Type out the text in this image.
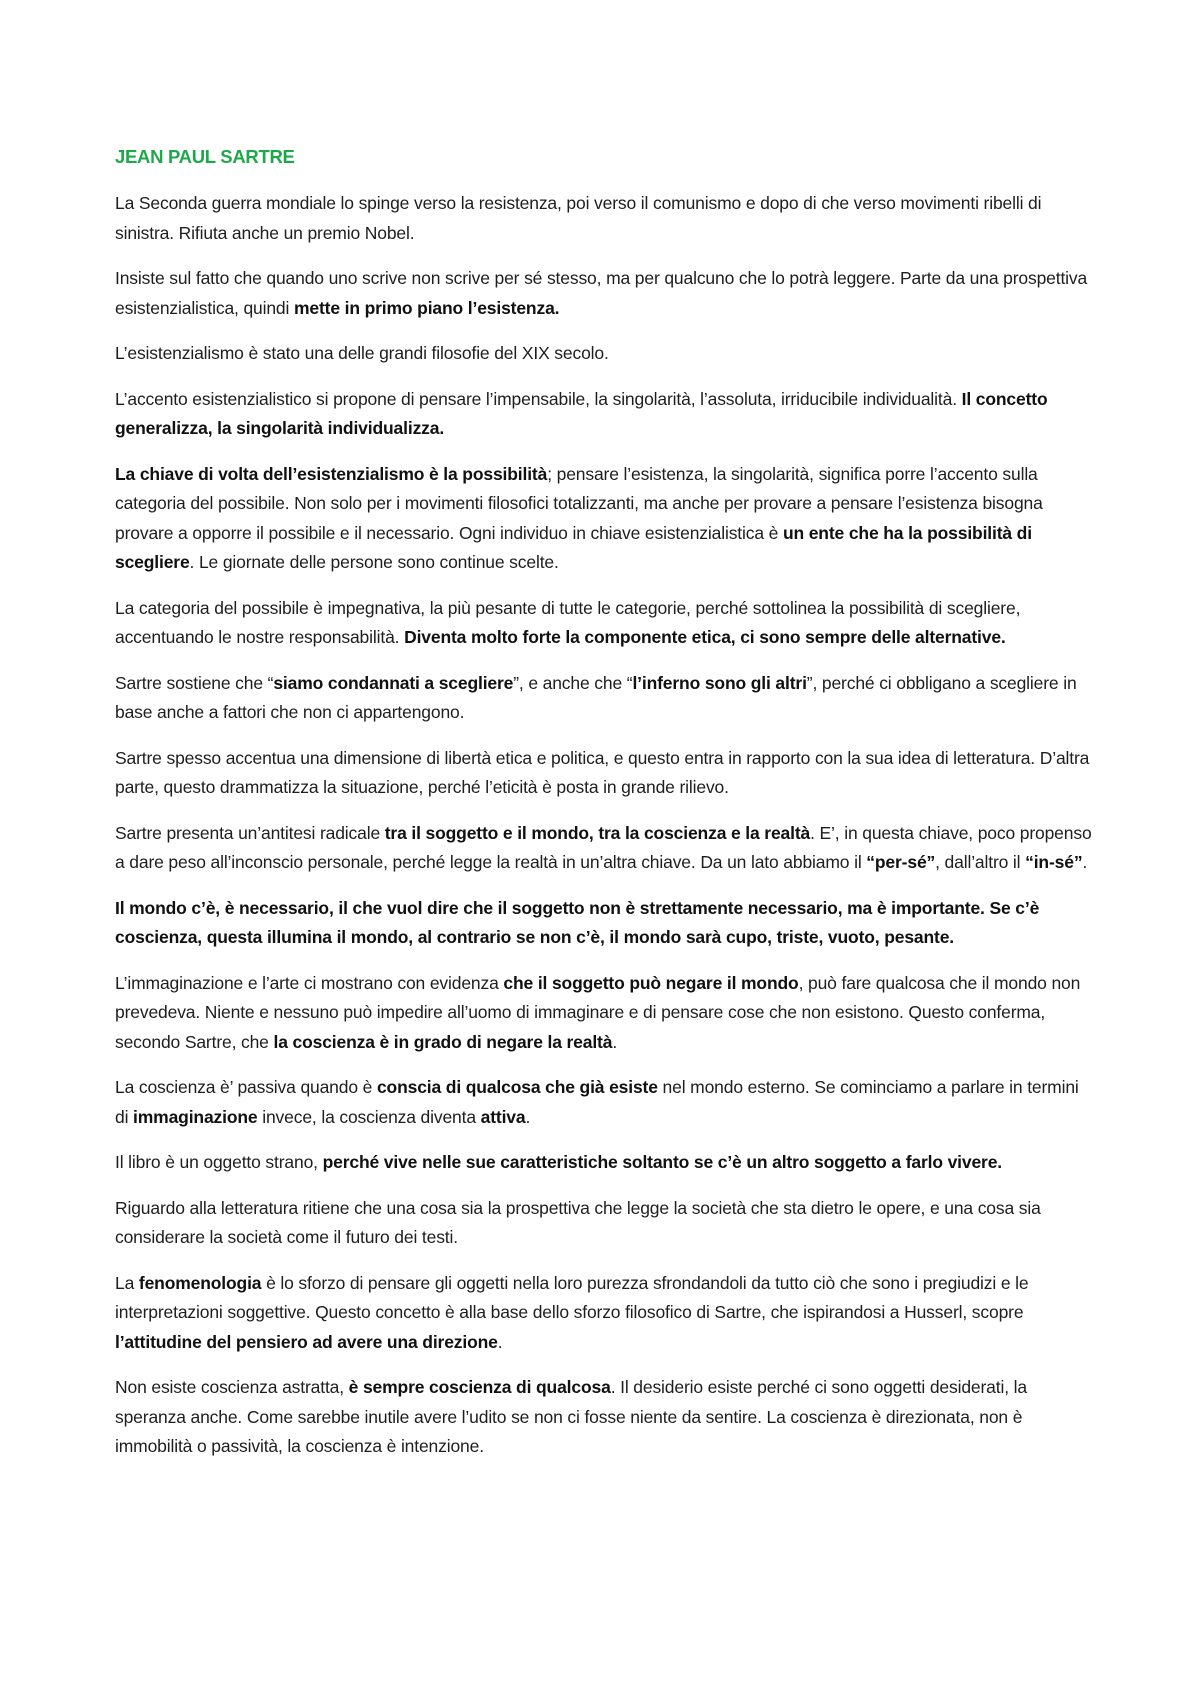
JEAN PAUL SARTRE

La Seconda guerra mondiale lo spinge verso la resistenza, poi verso il comunismo e dopo di che verso movimenti ribelli di sinistra. Rifiuta anche un premio Nobel.

Insiste sul fatto che quando uno scrive non scrive per sé stesso, ma per qualcuno che lo potrà leggere. Parte da una prospettiva esistenzialistica, quindi mette in primo piano l’esistenza.

L’esistenzialismo è stato una delle grandi filosofie del XIX secolo.

L’accento esistenzialistico si propone di pensare l’impensabile, la singolarità, l’assoluta, irriducibile individualità. Il concetto generalizza, la singolarità individualizza.

La chiave di volta dell’esistenzialismo è la possibilità; pensare l’esistenza, la singolarità, significa porre l’accento sulla categoria del possibile. Non solo per i movimenti filosofici totalizzanti, ma anche per provare a pensare l’esistenza bisogna provare a opporre il possibile e il necessario. Ogni individuo in chiave esistenzialistica è un ente che ha la possibilità di scegliere. Le giornate delle persone sono continue scelte.

La categoria del possibile è impegnativa, la più pesante di tutte le categorie, perché sottolinea la possibilità di scegliere, accentuando le nostre responsabilità. Diventa molto forte la componente etica, ci sono sempre delle alternative.

Sartre sostiene che “siamo condannati a scegliere”, e anche che “l’inferno sono gli altri”, perché ci obbligano a scegliere in base anche a fattori che non ci appartengono.

Sartre spesso accentua una dimensione di libertà etica e politica, e questo entra in rapporto con la sua idea di letteratura. D’altra parte, questo drammatizza la situazione, perché l’eticità è posta in grande rilievo.

Sartre presenta un’antitesi radicale tra il soggetto e il mondo, tra la coscienza e la realtà. E’, in questa chiave, poco propenso a dare peso all’inconscio personale, perché legge la realtà in un’altra chiave. Da un lato abbiamo il “per-sé”, dall’altro il “in-sé”.

Il mondo c’è, è necessario, il che vuol dire che il soggetto non è strettamente necessario, ma è importante. Se c’è coscienza, questa illumina il mondo, al contrario se non c’è, il mondo sarà cupo, triste, vuoto, pesante.

L’immaginazione e l’arte ci mostrano con evidenza che il soggetto può negare il mondo, può fare qualcosa che il mondo non prevedeva. Niente e nessuno può impedire all’uomo di immaginare e di pensare cose che non esistono. Questo conferma, secondo Sartre, che la coscienza è in grado di negare la realtà.

La coscienza è’ passiva quando è conscia di qualcosa che già esiste nel mondo esterno. Se cominciamo a parlare in termini di immaginazione invece, la coscienza diventa attiva.

Il libro è un oggetto strano, perché vive nelle sue caratteristiche soltanto se c’è un altro soggetto a farlo vivere.

Riguardo alla letteratura ritiene che una cosa sia la prospettiva che legge la società che sta dietro le opere, e una cosa sia considerare la società come il futuro dei testi.

La fenomenologia è lo sforzo di pensare gli oggetti nella loro purezza sfrondandoli da tutto ciò che sono i pregiudizi e le interpretazioni soggettive. Questo concetto è alla base dello sforzo filosofico di Sartre, che ispirandosi a Husserl, scopre l’attitudine del pensiero ad avere una direzione.

Non esiste coscienza astratta, è sempre coscienza di qualcosa. Il desiderio esiste perché ci sono oggetti desiderati, la speranza anche. Come sarebbe inutile avere l’udito se non ci fosse niente da sentire. La coscienza è direzionata, non è immobilità o passività, la coscienza è intenzione.
